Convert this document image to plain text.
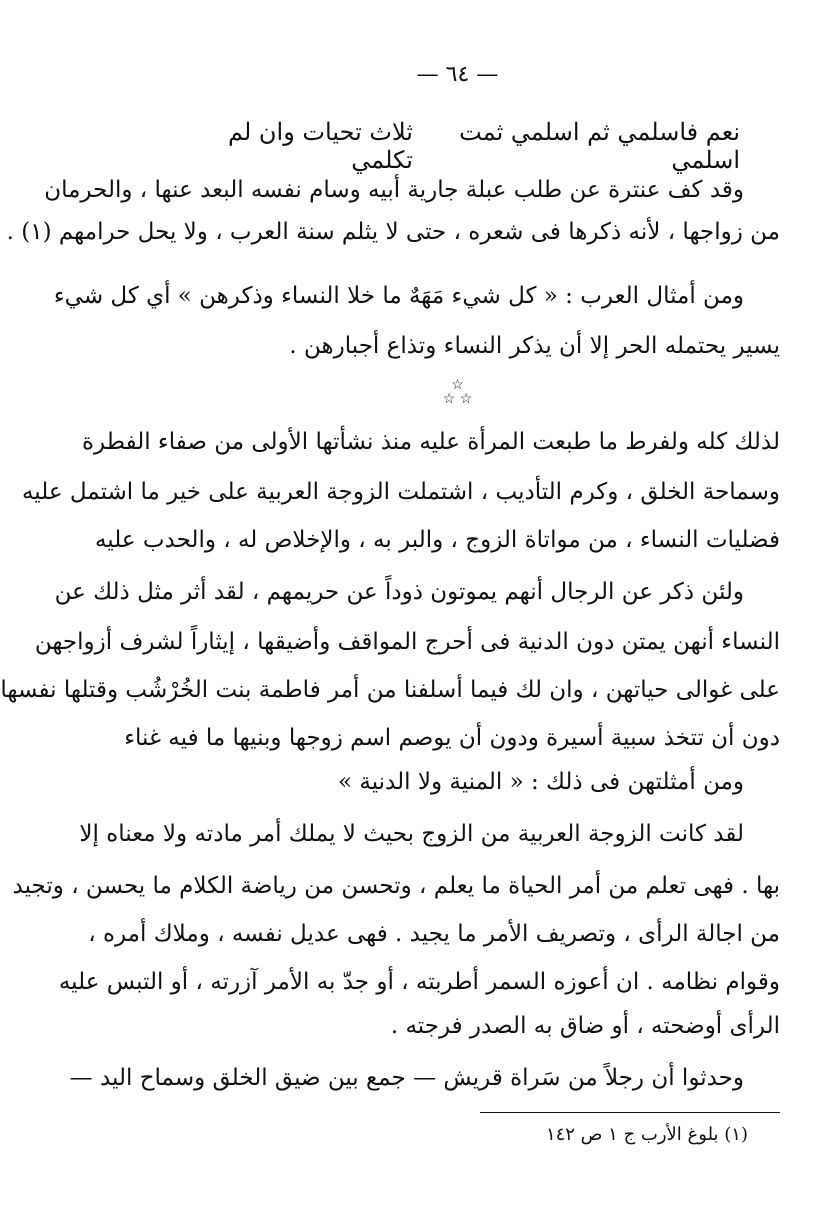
— ٦٤ —
نعم فاسلمي ثم اسلمي ثمت اسلمي
ثلاث تحيات وان لم تكلمي
وقد كف عنترة عن طلب عبلة جارية أبيه وسام نفسه البعد عنها ، والحرمان
من زواجها ، لأنه ذكرها فى شعره ، حتى لا يثلم سنة العرب ، ولا يحل حرامهم (١) .
ومن أمثال العرب : « كل شيء مَهَهٌ ما خلا النساء وذكرهن » أي كل شيء
يسير يحتمله الحر إلا أن يذكر النساء وتذاع أجبارهن .
☆
☆ ☆
لذلك كله ولفرط ما طبعت المرأة عليه منذ نشأتها الأولى من صفاء الفطرة
وسماحة الخلق ، وكرم التأديب ، اشتملت الزوجة العربية على خير ما اشتمل عليه
فضليات النساء ، من مواتاة الزوج ، والبر به ، والإخلاص له ، والحدب عليه
ولئن ذكر عن الرجال أنهم يموتون ذوداً عن حريمهم ، لقد أثر مثل ذلك عن
النساء أنهن يمتن دون الدنية فى أحرج المواقف وأضيقها ، إيثاراً لشرف أزواجهن
على غوالى حياتهن ، وان لك فيما أسلفنا من أمر فاطمة بنت الخُرْشُب وقتلها نفسها
دون أن تتخذ سبية أسيرة ودون أن يوصم اسم زوجها وبنيها ما فيه غناء
ومن أمثلتهن فى ذلك : « المنية ولا الدنية »
لقد كانت الزوجة العربية من الزوج بحيث لا يملك أمر مادته ولا معناه إلا
بها . فهى تعلم من أمر الحياة ما يعلم ، وتحسن من رياضة الكلام ما يحسن ، وتجيد
من اجالة الرأى ، وتصريف الأمر ما يجيد . فهى عديل نفسه ، وملاك أمره ،
وقوام نظامه . ان أعوزه السمر أطربته ، أو جدّ به الأمر آزرته ، أو التبس عليه
الرأى أوضحته ، أو ضاق به الصدر فرجته .
وحدثوا أن رجلاً من سَراة قريش — جمع بين ضيق الخلق وسماح اليد —
(١) بلوغ الأرب ج ١ ص ١٤٢
